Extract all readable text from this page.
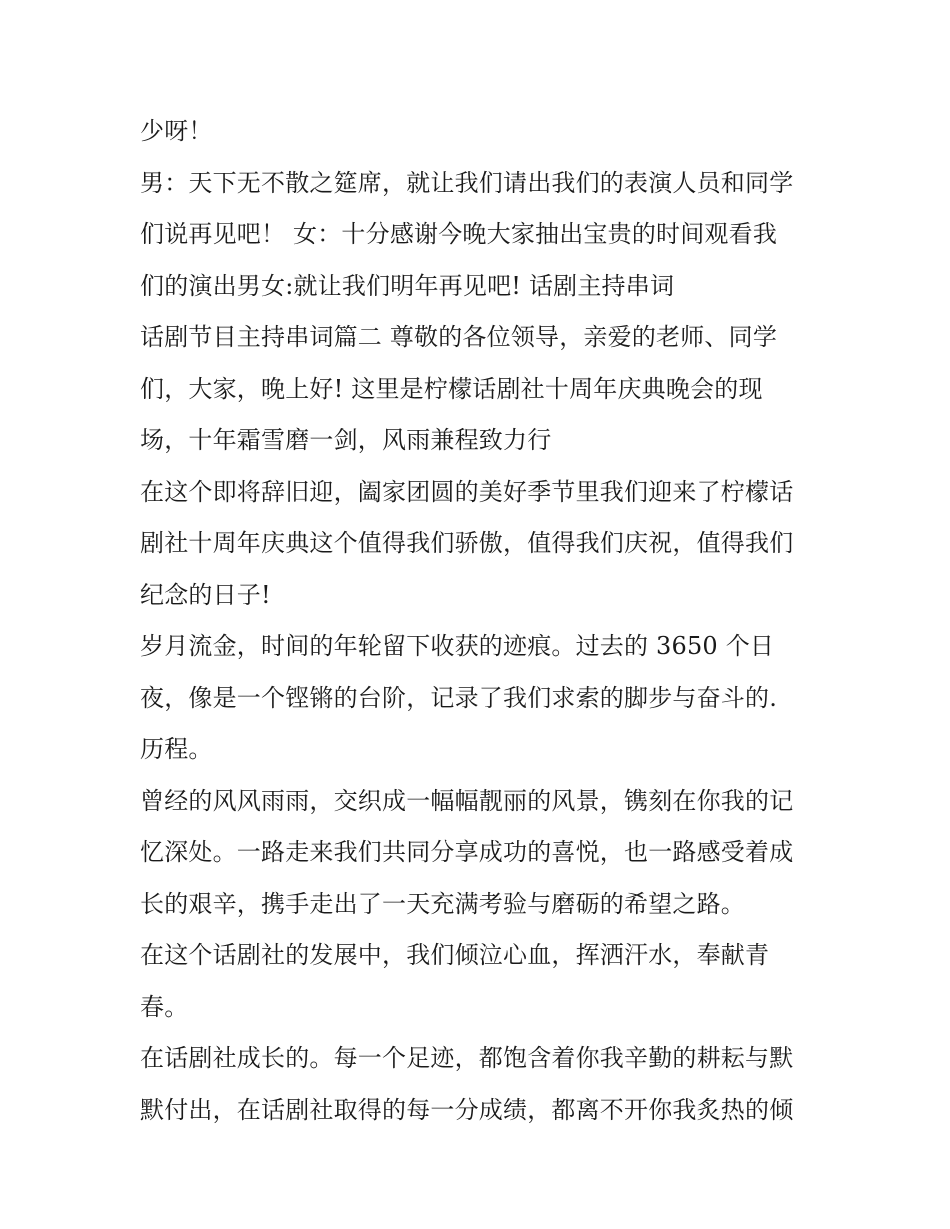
少呀！
男：天下无不散之筵席，就让我们请出我们的表演人员和同学
们说再见吧！ 女：十分感谢今晚大家抽出宝贵的时间观看我
们的演出男女:就让我们明年再见吧! 话剧主持串词
话剧节目主持串词篇二 尊敬的各位领导，亲爱的老师、同学
们，大家，晚上好! 这里是柠檬话剧社十周年庆典晚会的现
场，十年霜雪磨一剑，风雨兼程致力行
在这个即将辞旧迎，阖家团圆的美好季节里我们迎来了柠檬话
剧社十周年庆典这个值得我们骄傲，值得我们庆祝，值得我们
纪念的日子!
岁月流金，时间的年轮留下收获的迹痕。过去的 3650 个日
夜，像是一个铿锵的台阶，记录了我们求索的脚步与奋斗的.
历程。
曾经的风风雨雨，交织成一幅幅靓丽的风景，镌刻在你我的记
忆深处。一路走来我们共同分享成功的喜悦，也一路感受着成
长的艰辛，携手走出了一天充满考验与磨砺的希望之路。
在这个话剧社的发展中，我们倾泣心血，挥洒汗水，奉献青
春。
在话剧社成长的。每一个足迹，都饱含着你我辛勤的耕耘与默
默付出，在话剧社取得的每一分成绩，都离不开你我炙热的倾
